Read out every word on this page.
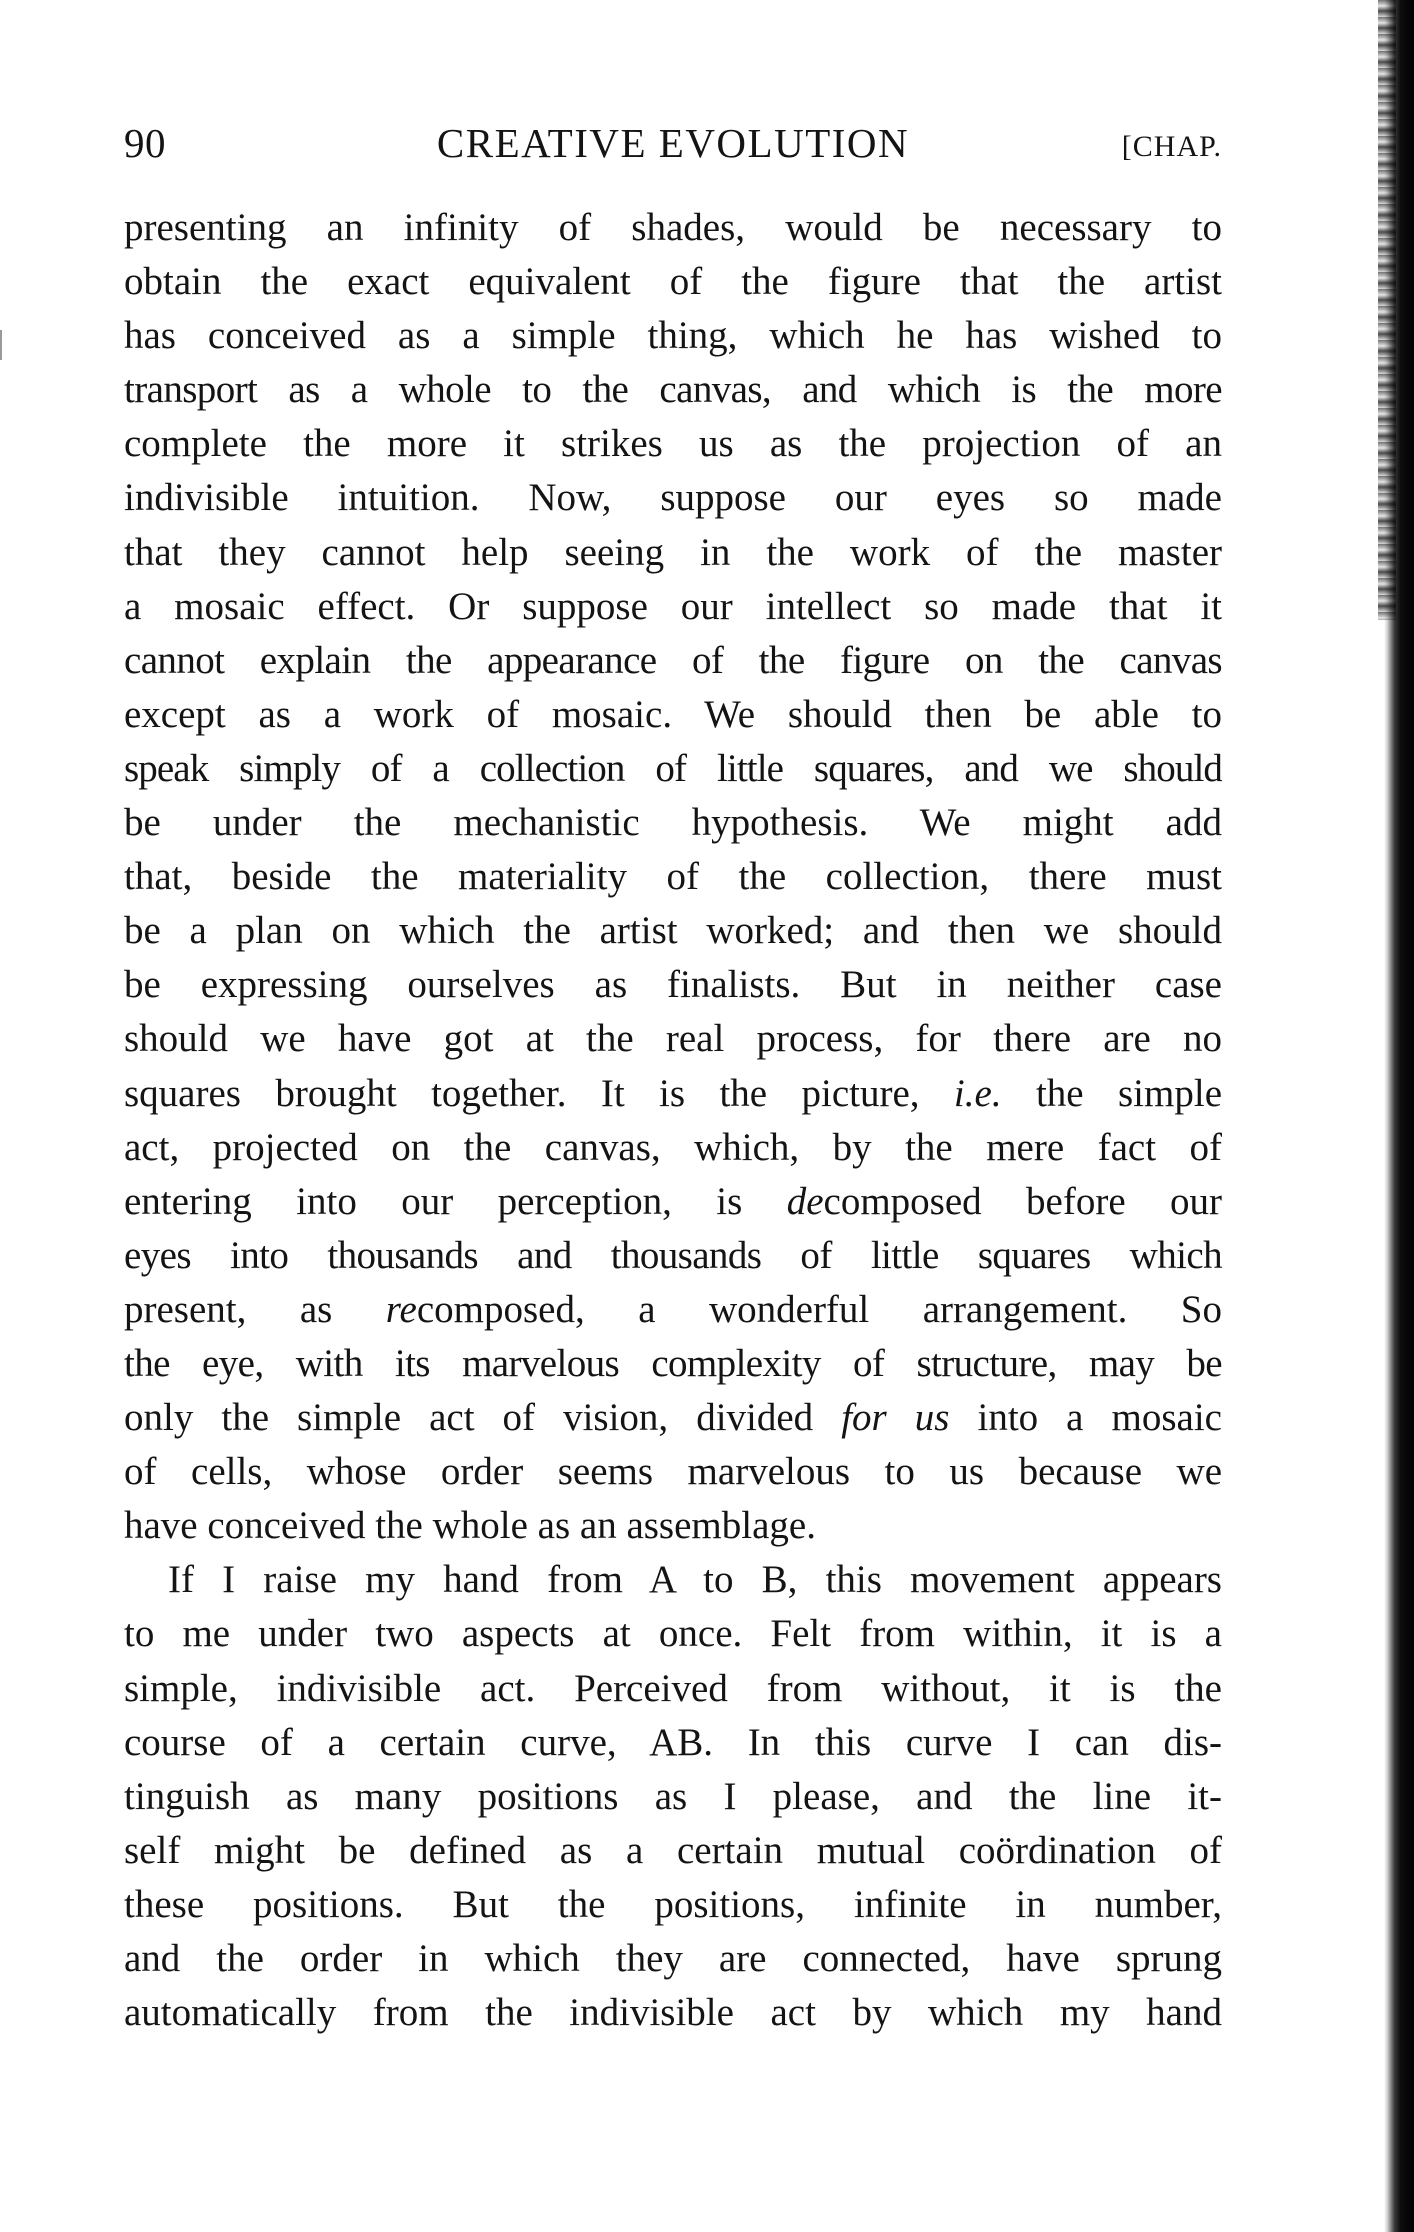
90	CREATIVE EVOLUTION	[CHAP.
presenting an infinity of shades, would be necessary to
obtain the exact equivalent of the figure that the artist
has conceived as a simple thing, which he has wished to
transport as a whole to the canvas, and which is the more
complete the more it strikes us as the projection of an
indivisible intuition. Now, suppose our eyes so made
that they cannot help seeing in the work of the master
a mosaic effect. Or suppose our intellect so made that it
cannot explain the appearance of the figure on the canvas
except as a work of mosaic. We should then be able to
speak simply of a collection of little squares, and we should
be under the mechanistic hypothesis. We might add
that, beside the materiality of the collection, there must
be a plan on which the artist worked; and then we should
be expressing ourselves as finalists. But in neither case
should we have got at the real process, for there are no
squares brought together. It is the picture, i.e. the simple
act, projected on the canvas, which, by the mere fact of
entering into our perception, is decomposed before our
eyes into thousands and thousands of little squares which
present, as recomposed, a wonderful arrangement. So
the eye, with its marvelous complexity of structure, may be
only the simple act of vision, divided for us into a mosaic
of cells, whose order seems marvelous to us because we
have conceived the whole as an assemblage.
If I raise my hand from A to B, this movement appears
to me under two aspects at once. Felt from within, it is a
simple, indivisible act. Perceived from without, it is the
course of a certain curve, AB. In this curve I can dis-
tinguish as many positions as I please, and the line it-
self might be defined as a certain mutual coördination of
these positions. But the positions, infinite in number,
and the order in which they are connected, have sprung
automatically from the indivisible act by which my hand
